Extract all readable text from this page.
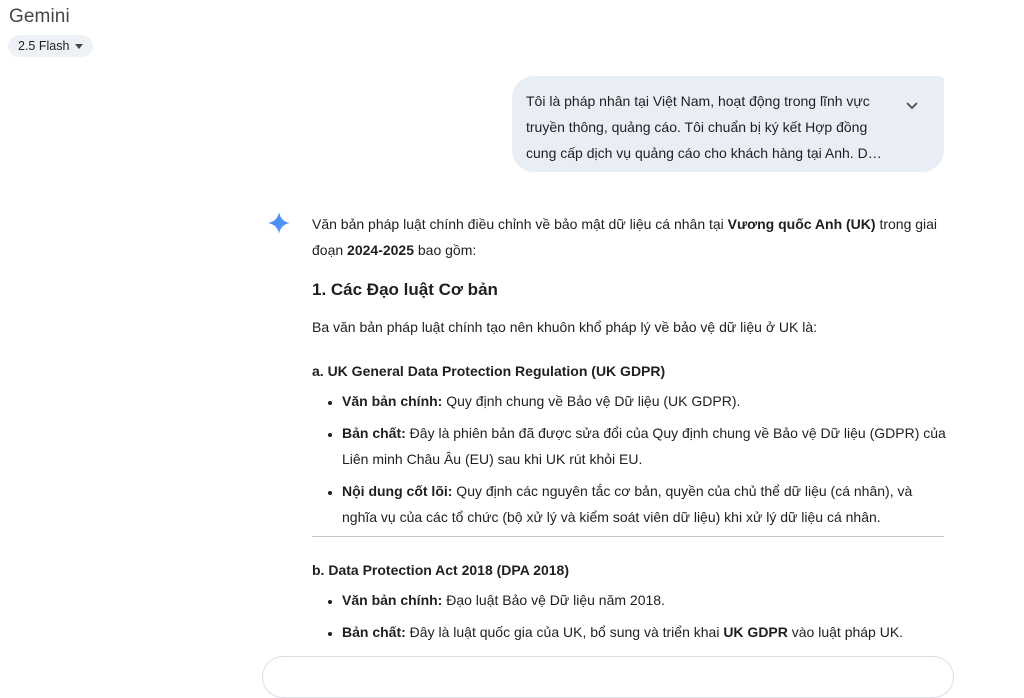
Gemini
2.5 Flash
Tôi là pháp nhân tại Việt Nam, hoạt động trong lĩnh vực truyền thông, quảng cáo. Tôi chuẩn bị ký kết Hợp đồng cung cấp dịch vụ quảng cáo cho khách hàng tại Anh. D…

Văn bản pháp luật chính điều chỉnh về bảo mật dữ liệu cá nhân tại Vương quốc Anh (UK) trong giai đoạn 2024-2025 bao gồm:

1. Các Đạo luật Cơ bản

Ba văn bản pháp luật chính tạo nên khuôn khổ pháp lý về bảo vệ dữ liệu ở UK là:

a. UK General Data Protection Regulation (UK GDPR)
• Văn bản chính: Quy định chung về Bảo vệ Dữ liệu (UK GDPR).
• Bản chất: Đây là phiên bản đã được sửa đổi của Quy định chung về Bảo vệ Dữ liệu (GDPR) của Liên minh Châu Âu (EU) sau khi UK rút khỏi EU.
• Nội dung cốt lõi: Quy định các nguyên tắc cơ bản, quyền của chủ thể dữ liệu (cá nhân), và nghĩa vụ của các tổ chức (bộ xử lý và kiểm soát viên dữ liệu) khi xử lý dữ liệu cá nhân.
b. Data Protection Act 2018 (DPA 2018)
• Văn bản chính: Đạo luật Bảo vệ Dữ liệu năm 2018.
• Bản chất: Đây là luật quốc gia của UK, bổ sung và triển khai UK GDPR vào luật pháp UK.
